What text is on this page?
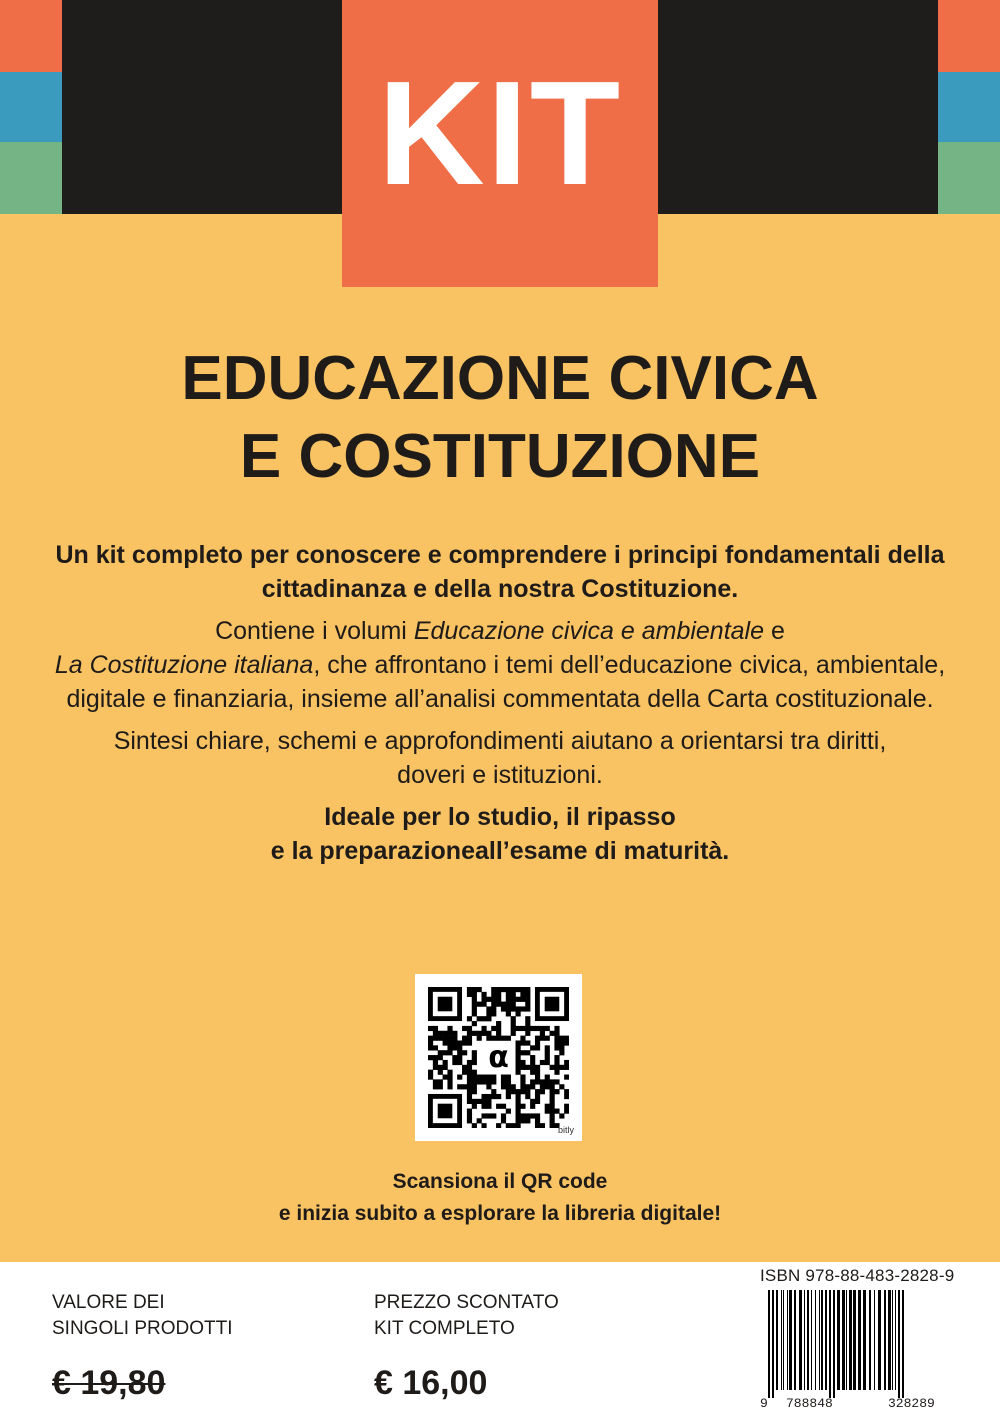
KIT
EDUCAZIONE CIVICA
E COSTITUZIONE

Un kit completo per conoscere e comprendere i principi fondamentali della cittadinanza e della nostra Costituzione.

Contiene i volumi Educazione civica e ambientale e
La Costituzione italiana, che affrontano i temi dell’educazione civica, ambientale, digitale e finanziaria, insieme all’analisi commentata della Carta costituzionale.

Sintesi chiare, schemi e approfondimenti aiutano a orientarsi tra diritti, doveri e istituzioni.

Ideale per lo studio, il ripasso
e la preparazioneall’esame di maturità.

α
bitly
Scansiona il QR code
e inizia subito a esplorare la libreria digitale!
VALORE DEI
SINGOLI PRODOTTI
€ 19,80
PREZZO SCONTATO
KIT COMPLETO
€ 16,00
ISBN 978-88-483-2828-9
9 788848	328289
